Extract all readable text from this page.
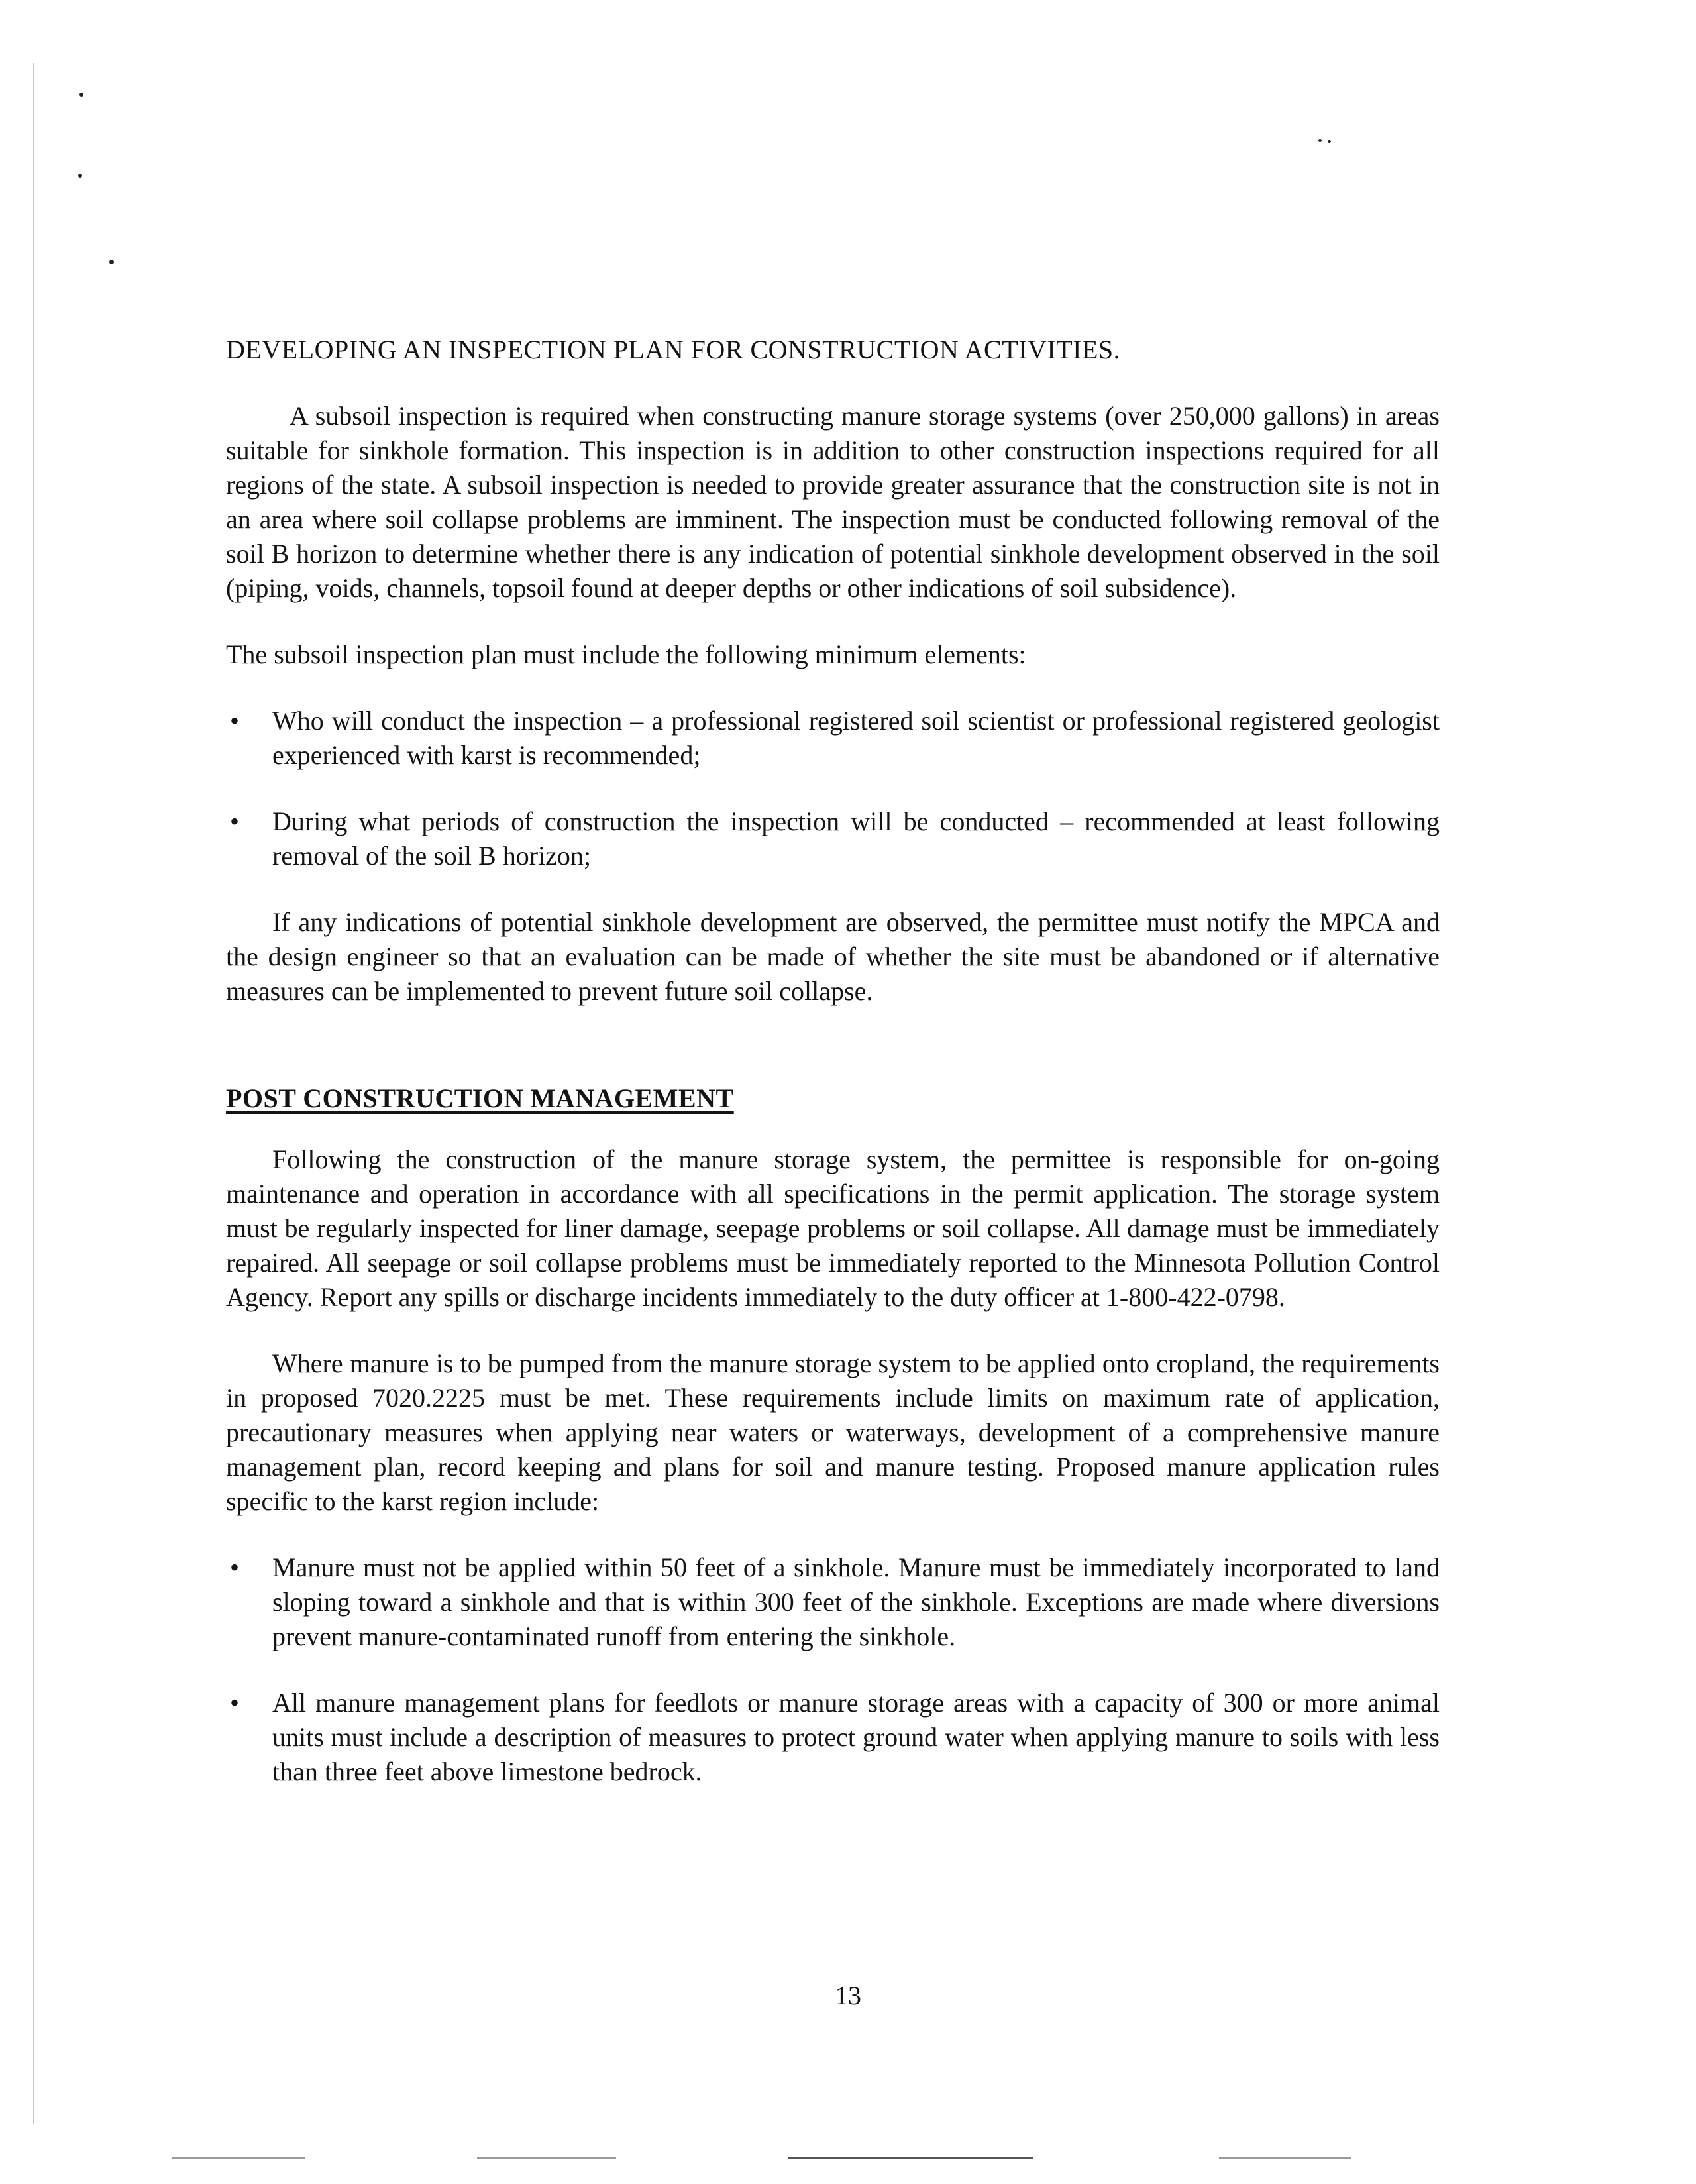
DEVELOPING AN INSPECTION PLAN FOR CONSTRUCTION ACTIVITIES.

A subsoil inspection is required when constructing manure storage systems (over 250,000 gallons) in areas suitable for sinkhole formation. This inspection is in addition to other construction inspections required for all regions of the state. A subsoil inspection is needed to provide greater assurance that the construction site is not in an area where soil collapse problems are imminent. The inspection must be conducted following removal of the soil B horizon to determine whether there is any indication of potential sinkhole development observed in the soil (piping, voids, channels, topsoil found at deeper depths or other indications of soil subsidence).

The subsoil inspection plan must include the following minimum elements:

• Who will conduct the inspection – a professional registered soil scientist or professional registered geologist experienced with karst is recommended;
• During what periods of construction the inspection will be conducted – recommended at least following removal of the soil B horizon;

If any indications of potential sinkhole development are observed, the permittee must notify the MPCA and the design engineer so that an evaluation can be made of whether the site must be abandoned or if alternative measures can be implemented to prevent future soil collapse.

POST CONSTRUCTION MANAGEMENT

Following the construction of the manure storage system, the permittee is responsible for on-going maintenance and operation in accordance with all specifications in the permit application. The storage system must be regularly inspected for liner damage, seepage problems or soil collapse. All damage must be immediately repaired. All seepage or soil collapse problems must be immediately reported to the Minnesota Pollution Control Agency. Report any spills or discharge incidents immediately to the duty officer at 1-800-422-0798.

Where manure is to be pumped from the manure storage system to be applied onto cropland, the requirements in proposed 7020.2225 must be met. These requirements include limits on maximum rate of application, precautionary measures when applying near waters or waterways, development of a comprehensive manure management plan, record keeping and plans for soil and manure testing. Proposed manure application rules specific to the karst region include:

• Manure must not be applied within 50 feet of a sinkhole. Manure must be immediately incorporated to land sloping toward a sinkhole and that is within 300 feet of the sinkhole. Exceptions are made where diversions prevent manure-contaminated runoff from entering the sinkhole.
• All manure management plans for feedlots or manure storage areas with a capacity of 300 or more animal units must include a description of measures to protect ground water when applying manure to soils with less than three feet above limestone bedrock.
13
